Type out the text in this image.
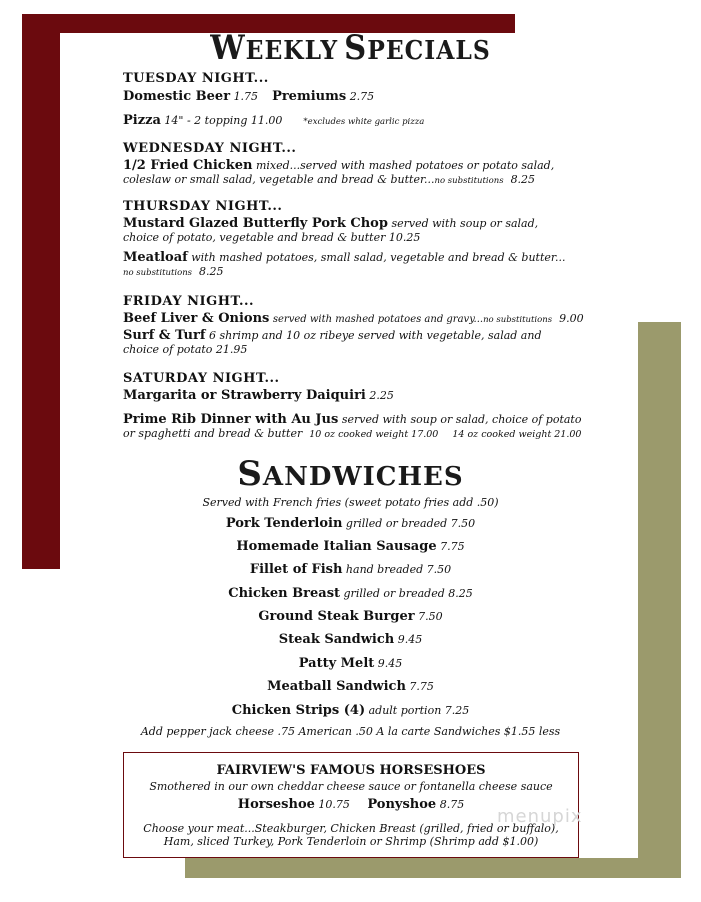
WEEKLY SPECIALS
TUESDAY NIGHT...
Domestic Beer 1.75 Premiums 2.75
Pizza 14" - 2 topping 11.00 *excludes white garlic pizza
WEDNESDAY NIGHT...
1/2 Fried Chicken mixed...served with mashed potatoes or potato salad,
coleslaw or small salad, vegetable and bread & butter...no substitutions 8.25
THURSDAY NIGHT...
Mustard Glazed Butterfly Pork Chop served with soup or salad,
choice of potato, vegetable and bread & butter 10.25
Meatloaf with mashed potatoes, small salad, vegetable and bread & butter...
no substitutions 8.25
FRIDAY NIGHT...
Beef Liver & Onions served with mashed potatoes and gravy...no substitutions 9.00
Surf & Turf 6 shrimp and 10 oz ribeye served with vegetable, salad and
choice of potato 21.95
SATURDAY NIGHT...
Margarita or Strawberry Daiquiri 2.25
Prime Rib Dinner with Au Jus served with soup or salad, choice of potato
or spaghetti and bread & butter 10 oz cooked weight 17.00 14 oz cooked weight 21.00
SANDWICHES
Served with French fries (sweet potato fries add .50)
Pork Tenderloin grilled or breaded 7.50
Homemade Italian Sausage 7.75
Fillet of Fish hand breaded 7.50
Chicken Breast grilled or breaded 8.25
Ground Steak Burger 7.50
Steak Sandwich 9.45
Patty Melt 9.45
Meatball Sandwich 7.75
Chicken Strips (4) adult portion 7.25
Add pepper jack cheese .75 American .50 A la carte Sandwiches $1.55 less
FAIRVIEW'S FAMOUS HORSESHOES
Smothered in our own cheddar cheese sauce or fontanella cheese sauce
Horseshoe 10.75 Ponyshoe 8.75
Choose your meat...Steakburger, Chicken Breast (grilled, fried or buffalo),
Ham, sliced Turkey, Pork Tenderloin or Shrimp (Shrimp add $1.00)
menupix
